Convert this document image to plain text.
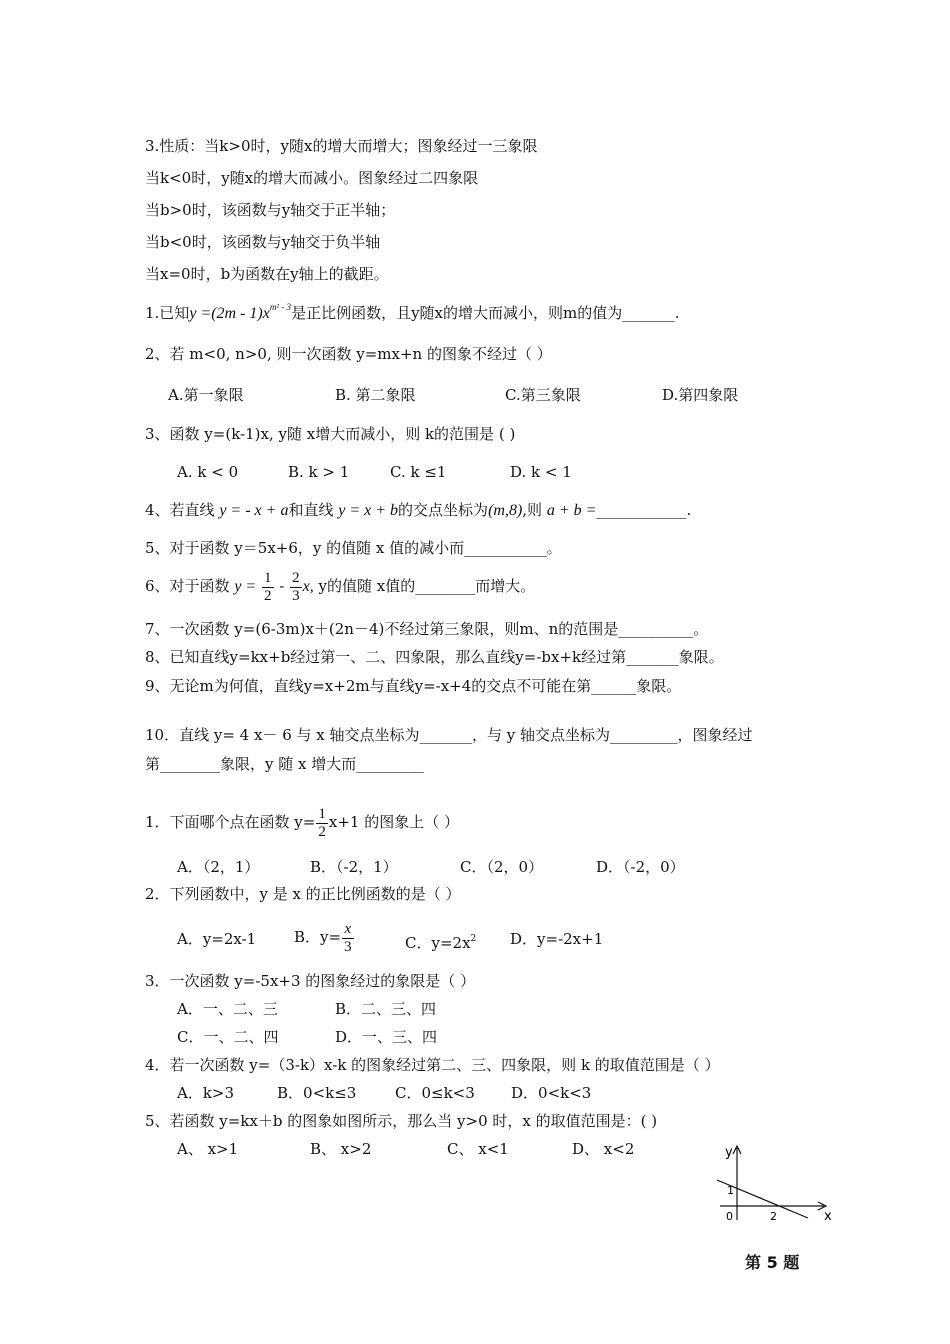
3.性质：当k>0时，y随x的增大而增大；图象经过一三象限
当k<0时，y随x的增大而减小。图象经过二四象限
当b>0时，该函数与y轴交于正半轴；
当b<0时，该函数与y轴交于负半轴
当x=0时，b为函数在y轴上的截距。
1.已知$y =(2m - 1)x^{m^2 - 3}$是正比例函数，且y随x的增大而减小，则m的值为_______.
2、若 m<0, n>0, 则一次函数 y=mx+n 的图象不经过（ ）
A.第一象限	B. 第二象限	C.第三象限	D.第四象限
3、函数 y=(k-1)x, y随 x增大而减小，则 k的范围是 ( )
A. k < 0	B. k > 1	C. k ≤1	D. k < 1
4、若直线 y = - x + a和直线 y = x + b的交点坐标为(m,8),则 a + b =____________.
5、对于函数 y＝5x+6，y 的值随 x 值的减小而___________。
6、对于函数 $y = \frac{1}{2} - \frac{2}{3} x$, y的值随 x值的________而增大。
7、一次函数 y=(6-3m)x＋(2n－4)不经过第三象限，则m、n的范围是__________。
8、已知直线y=kx+b经过第一、二、四象限，那么直线y=-bx+k经过第_______象限。
9、无论m为何值，直线y=x+2m与直线y=-x+4的交点不可能在第______象限。
10．直线 y= 4 x－ 6 与 x 轴交点坐标为_______，与 y 轴交点坐标为_________，图象经过
第________象限，y 随 x 增大而_________
1．下面哪个点在函数 $y= \frac{1}{2} x+1$ 的图象上（ ）
A．（2，1）	B．（-2，1）	C．（2，0）	D．（-2，0）
2．下列函数中，y 是 x 的正比例函数的是（ ）
A．y=2x-1	B．$y= \frac{x}{3}$	C．$y=2x^2$ D．y=-2x+1
3．一次函数 y=-5x+3 的图象经过的象限是（ ）
A．一、二、三	B．二、三、四
C．一、二、四	D．一、三、四
4．若一次函数 y=（3-k）x-k 的图象经过第二、三、四象限，则 k 的取值范围是（ ）
A．k>3	B．0<k≤3	C．0≤k<3 D．0<k<3
5、若函数 y=kx＋b 的图象如图所示，那么当 y>0 时，x 的取值范围是：( )
A、 x>1	B、 x>2	C、 x<1	D、 x<2	y
x
0	2
1
第 5 题
